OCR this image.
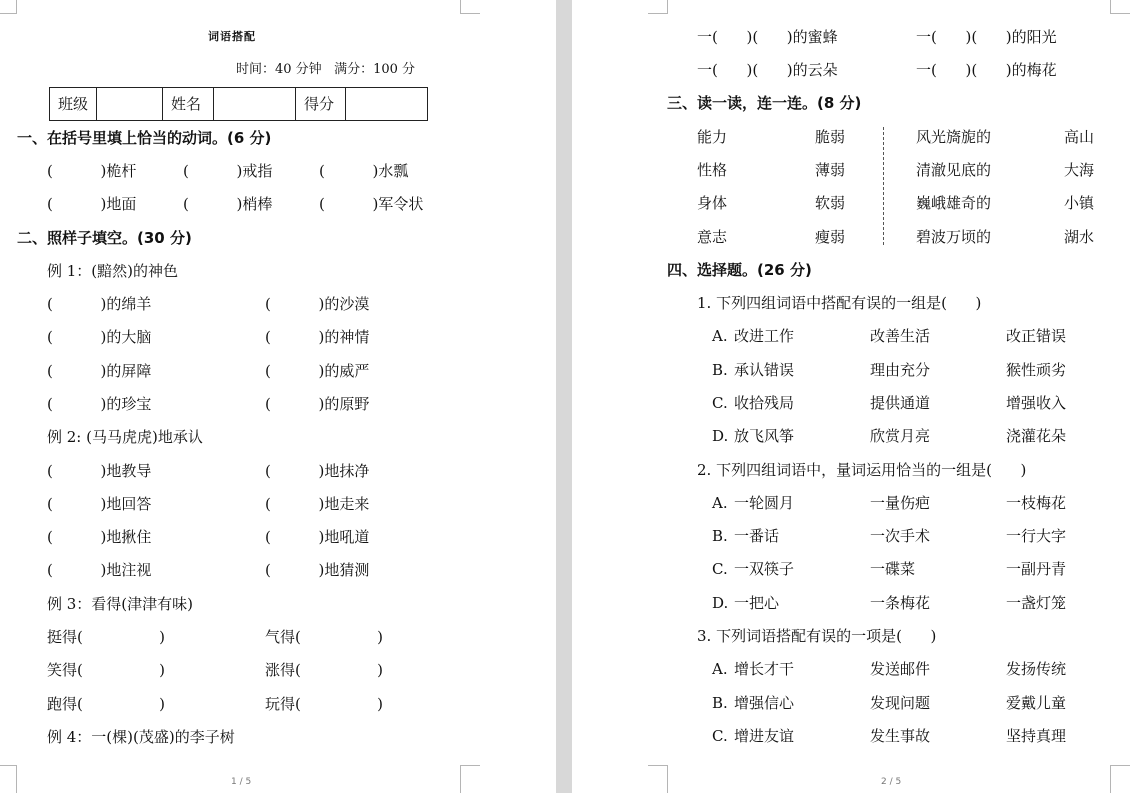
词语搭配
时间：40 分钟   满分：100 分
班级	姓名	得分
一、在括号里填上恰当的动词。(6 分)
(          )桅杆	(          )戒指	(          )水瓢
(          )地面	(          )梢棒	(          )军令状
二、照样子填空。(30 分)
例 1：(黯然)的神色
(          )的绵羊	(          )的沙漠
(          )的大脑	(          )的神情
(          )的屏障	(          )的威严
(          )的珍宝	(          )的原野
例 2: (马马虎虎)地承认
(          )地教导	(          )地抹净
(          )地回答	(          )地走来
(          )地揪住	(          )地吼道
(          )地注视	(          )地猜测
例 3：看得(津津有味)
挺得(                )	气得(                )
笑得(                )	涨得(                )
跑得(                )	玩得(                )
例 4：一(棵)(茂盛)的李子树
1 / 5
一(      )(      )的蜜蜂	一(      )(      )的阳光
一(      )(      )的云朵	一(      )(      )的梅花
三、读一读，连一连。(8 分)
能力	脆弱
性格	薄弱
身体	软弱
意志	瘦弱
风光旖旎的	高山
清澈见底的	大海
巍峨雄奇的	小镇
碧波万顷的	湖水
四、选择题。(26 分)
1. 下列四组词语中搭配有误的一组是(      )
A. 改进工作	改善生活	改正错误
B. 承认错误	理由充分	猴性顽劣
C. 收拾残局	提供通道	增强收入
D. 放飞风筝	欣赏月亮	浇灌花朵
2. 下列四组词语中，量词运用恰当的一组是(      )
A. 一轮圆月	一量伤疤	一枝梅花
B. 一番话	一次手术	一行大字
C. 一双筷子	一碟菜	一副丹青
D. 一把心	一条梅花	一盏灯笼
3. 下列词语搭配有误的一项是(      )
A. 增长才干	发送邮件	发扬传统
B. 增强信心	发现问题	爱戴儿童
C. 增进友谊	发生事故	坚持真理
2 / 5
